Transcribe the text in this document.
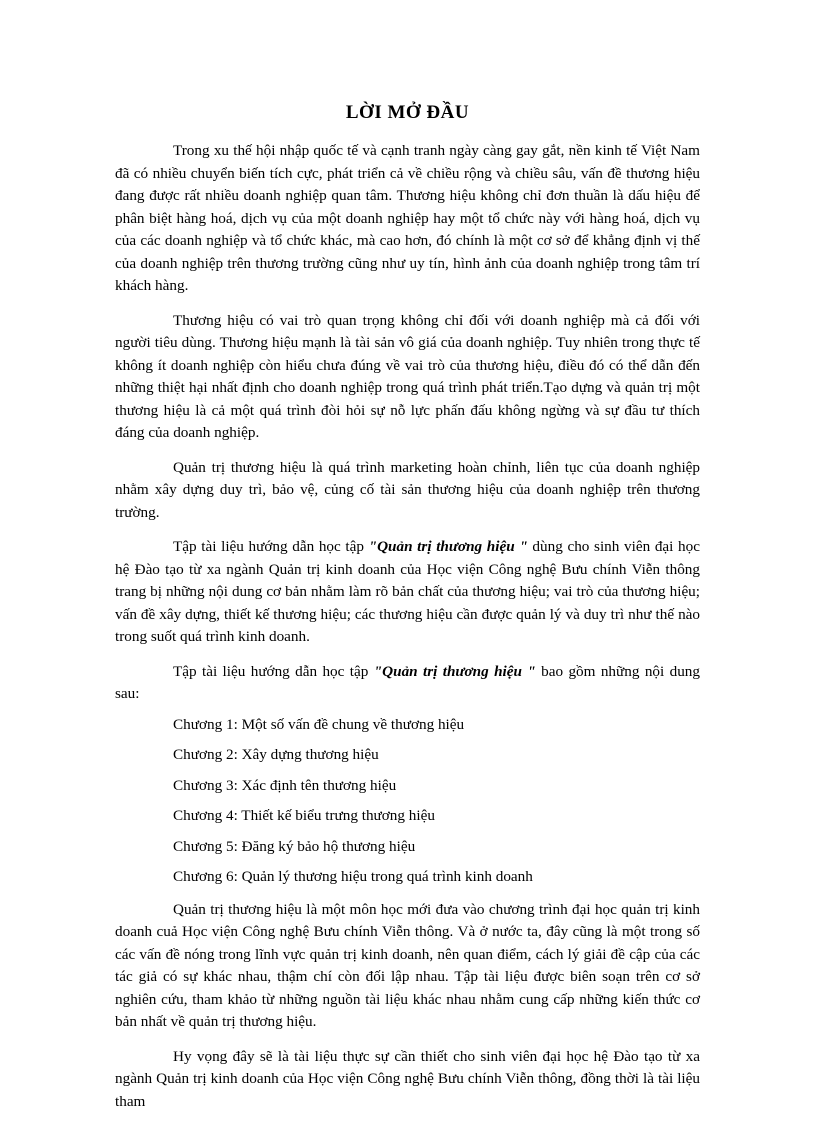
LỜI MỞ ĐẦU

Trong xu thế hội nhập quốc tế và cạnh tranh ngày càng gay gắt, nền kinh tế Việt Nam đã có nhiều chuyển biến tích cực, phát triển cả về chiều rộng và chiều sâu, vấn đề thương hiệu đang được rất nhiều doanh nghiệp quan tâm. Thương hiệu không chỉ đơn thuần là dấu hiệu để phân biệt hàng hoá, dịch vụ của một doanh nghiệp hay một tổ chức này với hàng hoá, dịch vụ của các doanh nghiệp và tổ chức khác, mà cao hơn, đó chính là một cơ sở để khẳng định vị thế của doanh nghiệp trên thương trường cũng như uy tín, hình ảnh của doanh nghiệp trong tâm trí khách hàng.

Thương hiệu có vai trò quan trọng không chỉ đối với doanh nghiệp mà cả đối với người tiêu dùng. Thương hiệu mạnh là tài sản vô giá của doanh nghiệp. Tuy nhiên trong thực tế không ít doanh nghiệp còn hiểu chưa đúng về vai trò của thương hiệu, điều đó có thể dẫn đến những thiệt hại nhất định cho doanh nghiệp trong quá trình phát triển.Tạo dựng và quản trị một thương hiệu là cả một quá trình đòi hỏi sự nỗ lực phấn đấu không ngừng và sự đầu tư thích đáng của doanh nghiệp.

Quản trị thương hiệu là quá trình marketing hoàn chỉnh, liên tục của doanh nghiệp nhằm xây dựng duy trì, bảo vệ, củng cố tài sản thương hiệu của doanh nghiệp trên thương trường.

Tập tài liệu hướng dẫn học tập "Quản trị thương hiệu " dùng cho sinh viên đại học hệ Đào tạo từ xa ngành Quản trị kinh doanh của Học viện Công nghệ Bưu chính Viễn thông trang bị những nội dung cơ bản nhằm làm rõ bản chất của thương hiệu; vai trò của thương hiệu; vấn đề xây dựng, thiết kế thương hiệu; các thương hiệu cần được quản lý và duy trì như thế nào trong suốt quá trình kinh doanh.

Tập tài liệu hướng dẫn học tập "Quản trị thương hiệu " bao gồm những nội dung sau:

Chương 1: Một số vấn đề chung về thương hiệu
Chương 2: Xây dựng thương hiệu
Chương 3: Xác định tên thương hiệu
Chương 4: Thiết kế biểu trưng thương hiệu
Chương 5: Đăng ký bảo hộ thương hiệu
Chương 6: Quản lý thương hiệu trong quá trình kinh doanh

Quản trị thương hiệu là một môn học mới đưa vào chương trình đại học quản trị kinh doanh cuả Học viện Công nghệ Bưu chính Viễn thông. Và ở nước ta, đây cũng là một trong số các vấn đề nóng trong lĩnh vực quản trị kinh doanh, nên quan điểm, cách lý giải đề cập của các tác giả có sự khác nhau, thậm chí còn đối lập nhau. Tập tài liệu được biên soạn trên cơ sở nghiên cứu, tham khảo từ những nguồn tài liệu khác nhau nhằm cung cấp những kiến thức cơ bản nhất về quản trị thương hiệu.

Hy vọng đây sẽ là tài liệu thực sự cần thiết cho sinh viên đại học hệ Đào tạo từ xa ngành Quản trị kinh doanh của Học viện Công nghệ Bưu chính Viễn thông, đồng thời là tài liệu tham
